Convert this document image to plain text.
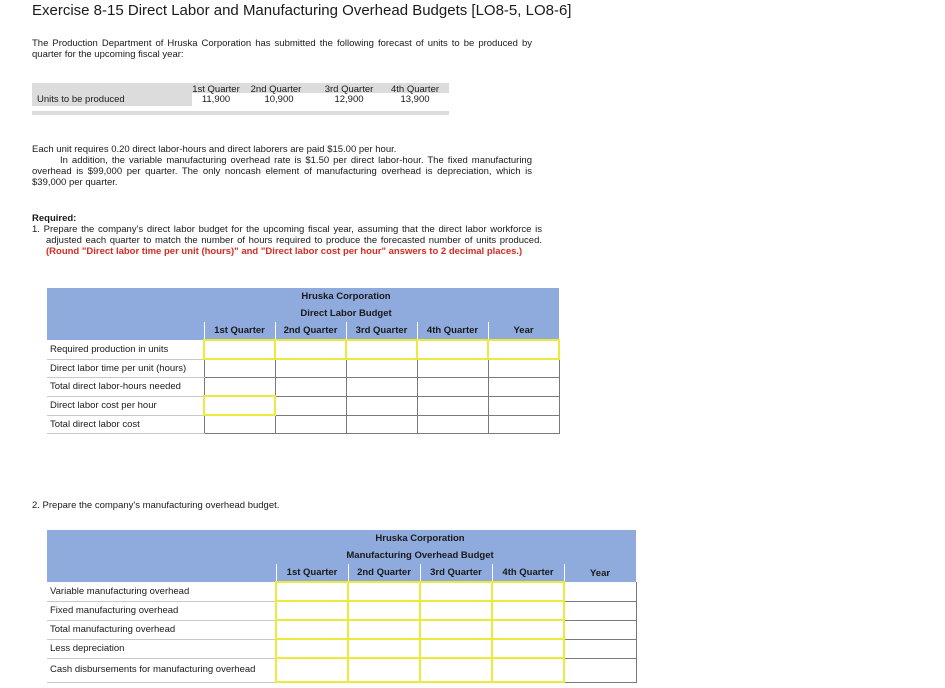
Exercise 8-15 Direct Labor and Manufacturing Overhead Budgets [LO8-5, LO8-6]

The Production Department of Hruska Corporation has submitted the following forecast of units to be produced by quarter for the upcoming fiscal year:

Units to be produced
1st Quarter	2nd Quarter	3rd Quarter	4th Quarter
11,900	10,900	12,900	13,900

Each unit requires 0.20 direct labor-hours and direct laborers are paid $15.00 per hour.

In addition, the variable manufacturing overhead rate is $1.50 per direct labor-hour. The fixed manufacturing overhead is $99,000 per quarter. The only noncash element of manufacturing overhead is depreciation, which is $39,000 per quarter.

Required:

1. Prepare the company's direct labor budget for the upcoming fiscal year, assuming that the direct labor workforce is adjusted each quarter to match the number of hours required to produce the forecasted number of units produced. (Round "Direct labor time per unit (hours)" and "Direct labor cost per hour" answers to 2 decimal places.)

	Hruska Corporation				
	Direct Labor Budget				
	1st Quarter	2nd Quarter	3rd Quarter	4th Quarter	Year
Required production in units					
Direct labor time per unit (hours)					
Total direct labor-hours needed					
Direct labor cost per hour					
Total direct labor cost					
2. Prepare the company's manufacturing overhead budget.
	Hruska Corporation				
	Manufacturing Overhead Budget				
	1st Quarter	2nd Quarter	3rd Quarter	4th Quarter	Year
Variable manufacturing overhead					
Fixed manufacturing overhead					
Total manufacturing overhead					
Less depreciation					
Cash disbursements for manufacturing overhead					
